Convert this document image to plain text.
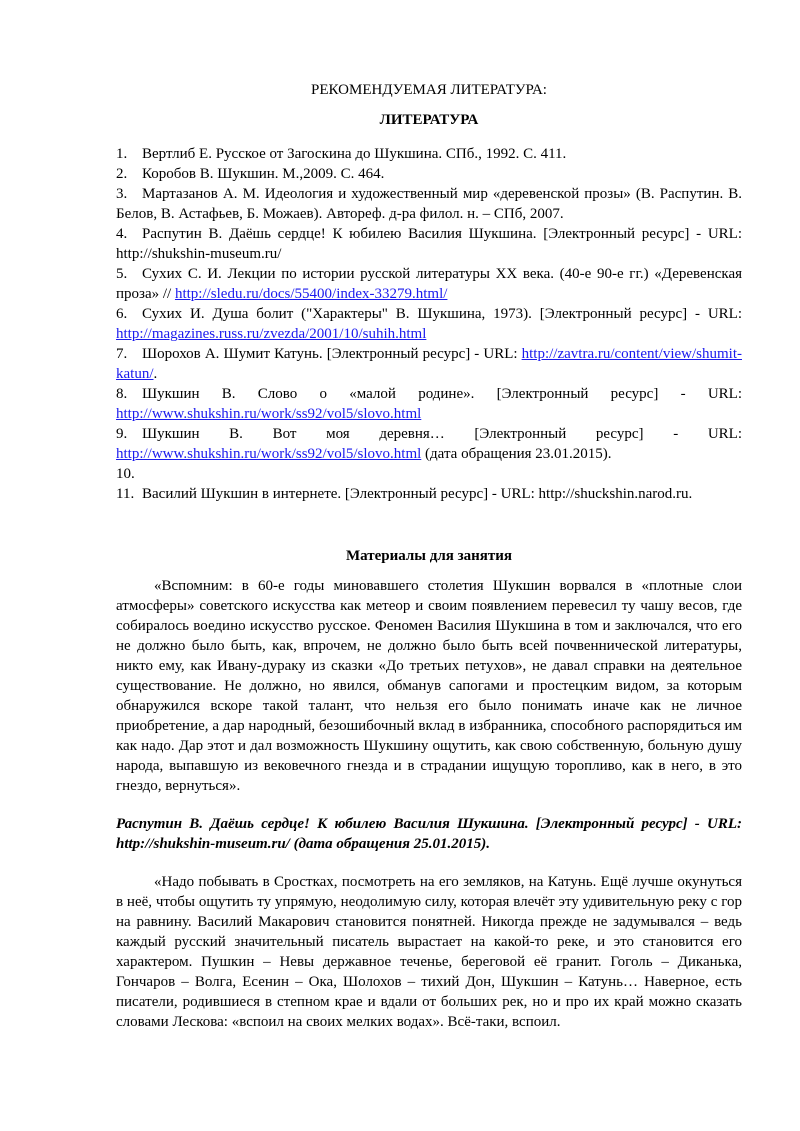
РЕКОМЕНДУЕМАЯ ЛИТЕРАТУРА:
ЛИТЕРАТУРА

1. Вертлиб Е. Русское от Загоскина до Шукшина. СПб., 1992. С. 411.

2. Коробов В. Шукшин. М.,2009. С. 464.

3. Мартазанов А. М. Идеология и художественный мир «деревенской прозы» (В. Распутин. В. Белов, В. Астафьев, Б. Можаев). Автореф. д-ра филол. н. – СПб, 2007.

4. Распутин В. Даёшь сердце! К юбилею Василия Шукшина. [Электронный ресурс] - URL: http://shukshin-museum.ru/

5. Сухих С. И. Лекции по истории русской литературы ХХ века. (40-е 90-е гг.) «Деревенская проза» // http://sledu.ru/docs/55400/index-33279.html/

6. Сухих И. Душа болит ("Характеры" В. Шукшина, 1973). [Электронный ресурс] - URL: http://magazines.russ.ru/zvezda/2001/10/suhih.html

7. Шорохов А. Шумит Катунь. [Электронный ресурс] - URL: http://zavtra.ru/content/view/shumit-katun/.

8. Шукшин В. Слово о «малой родине». [Электронный ресурс] - URL: http://www.shukshin.ru/work/ss92/vol5/slovo.html

9. Шукшин В. Вот моя деревня… [Электронный ресурс] - URL: http://www.shukshin.ru/work/ss92/vol5/slovo.html (дата обращения 23.01.2015).

10.

11. Василий Шукшин в интернете. [Электронный ресурс] - URL: http://shuckshin.narod.ru.

Материалы для занятия

«Вспомним: в 60-е годы миновавшего столетия Шукшин ворвался в «плотные слои атмосферы» советского искусства как метеор и своим появлением перевесил ту чашу весов, где собиралось воедино искусство русское. Феномен Василия Шукшина в том и заключался, что его не должно было быть, как, впрочем, не должно было быть всей почвеннической литературы, никто ему, как Ивану-дураку из сказки «До третьих петухов», не давал справки на деятельное существование. Не должно, но явился, обманув сапогами и простецким видом, за которым обнаружился вскоре такой талант, что нельзя его было понимать иначе как не личное приобретение, а дар народный, безошибочный вклад в избранника, способного распорядиться им как надо. Дар этот и дал возможность Шукшину ощутить, как свою собственную, больную душу народа, выпавшую из вековечного гнезда и в страдании ищущую торопливо, как в него, в это гнездо, вернуться».

Распутин В. Даёшь сердце! К юбилею Василия Шукшина. [Электронный ресурс] - URL: http://shukshin-museum.ru/ (дата обращения 25.01.2015).

«Надо побывать в Сростках, посмотреть на его земляков, на Катунь. Ещё лучше окунуться в неё, чтобы ощутить ту упрямую, неодолимую силу, которая влечёт эту удивительную реку с гор на равнину. Василий Макарович становится понятней. Никогда прежде не задумывался – ведь каждый русский значительный писатель вырастает на какой-то реке, и это становится его характером. Пушкин – Невы державное теченье, береговой её гранит. Гоголь – Диканька, Гончаров – Волга, Есенин – Ока, Шолохов – тихий Дон, Шукшин – Катунь… Наверное, есть писатели, родившиеся в степном крае и вдали от больших рек, но и про их край можно сказать словами Лескова: «вспоил на своих мелких водах». Всё-таки, вспоил.
